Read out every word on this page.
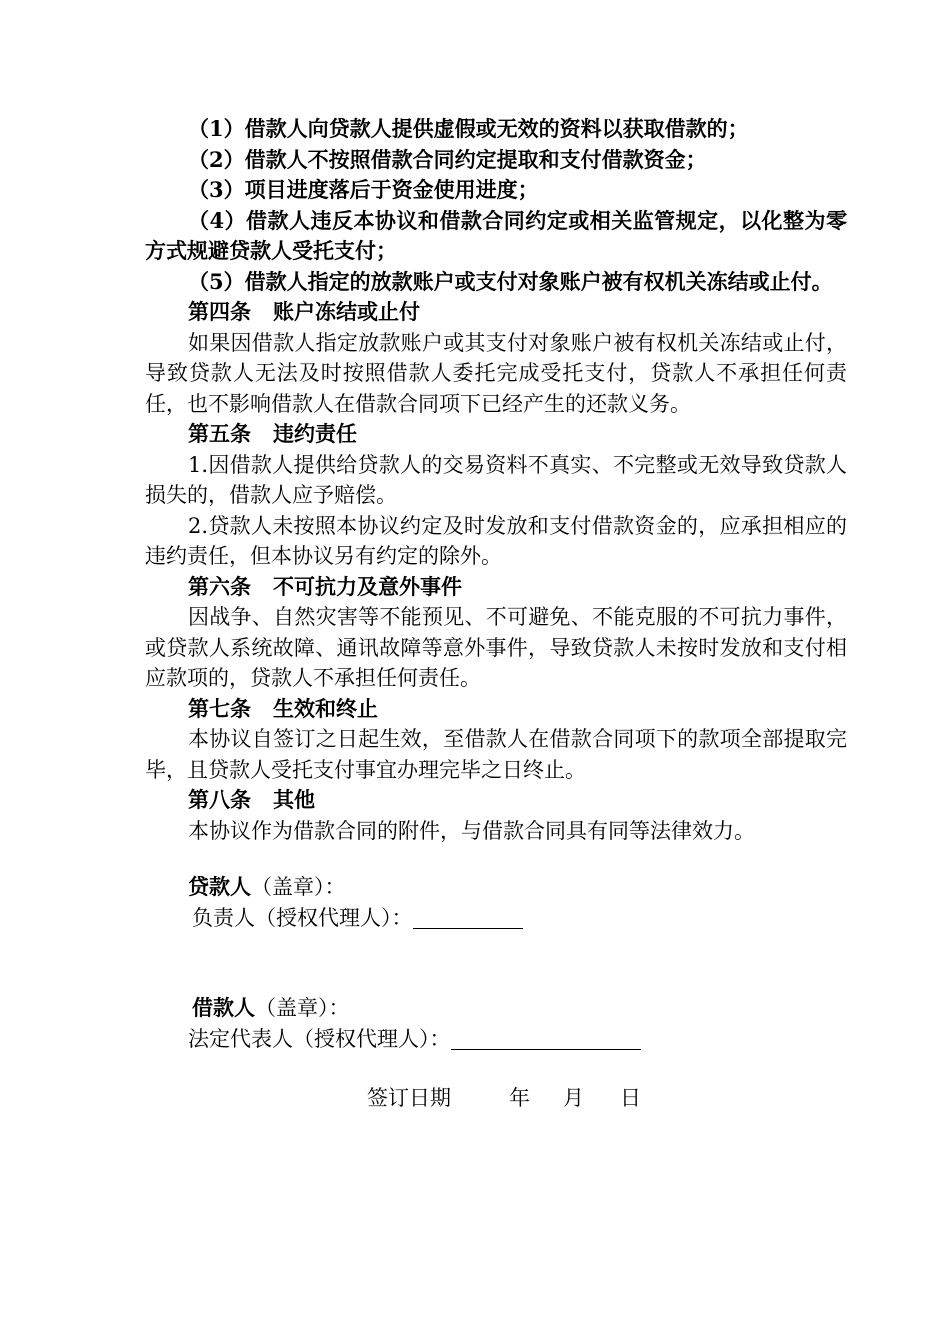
（1）借款人向贷款人提供虚假或无效的资料以获取借款的；

（2）借款人不按照借款合同约定提取和支付借款资金；

（3）项目进度落后于资金使用进度；

（4）借款人违反本协议和借款合同约定或相关监管规定，以化整为零方式规避贷款人受托支付；

（5）借款人指定的放款账户或支付对象账户被有权机关冻结或止付。

第四条 账户冻结或止付

如果因借款人指定放款账户或其支付对象账户被有权机关冻结或止付，导致贷款人无法及时按照借款人委托完成受托支付，贷款人不承担任何责任，也不影响借款人在借款合同项下已经产生的还款义务。

第五条 违约责任

1.因借款人提供给贷款人的交易资料不真实、不完整或无效导致贷款人损失的，借款人应予赔偿。

2.贷款人未按照本协议约定及时发放和支付借款资金的，应承担相应的违约责任，但本协议另有约定的除外。

第六条 不可抗力及意外事件

因战争、自然灾害等不能预见、不可避免、不能克服的不可抗力事件，或贷款人系统故障、通讯故障等意外事件，导致贷款人未按时发放和支付相应款项的，贷款人不承担任何责任。

第七条 生效和终止

本协议自签订之日起生效，至借款人在借款合同项下的款项全部提取完毕，且贷款人受托支付事宜办理完毕之日终止。

第八条 其他

本协议作为借款合同的附件，与借款合同具有同等法律效力。

贷款人（盖章）：
负责人（授权代理人）：
借款人（盖章）：
法定代表人（授权代理人）：
签订日期	年 月 日
